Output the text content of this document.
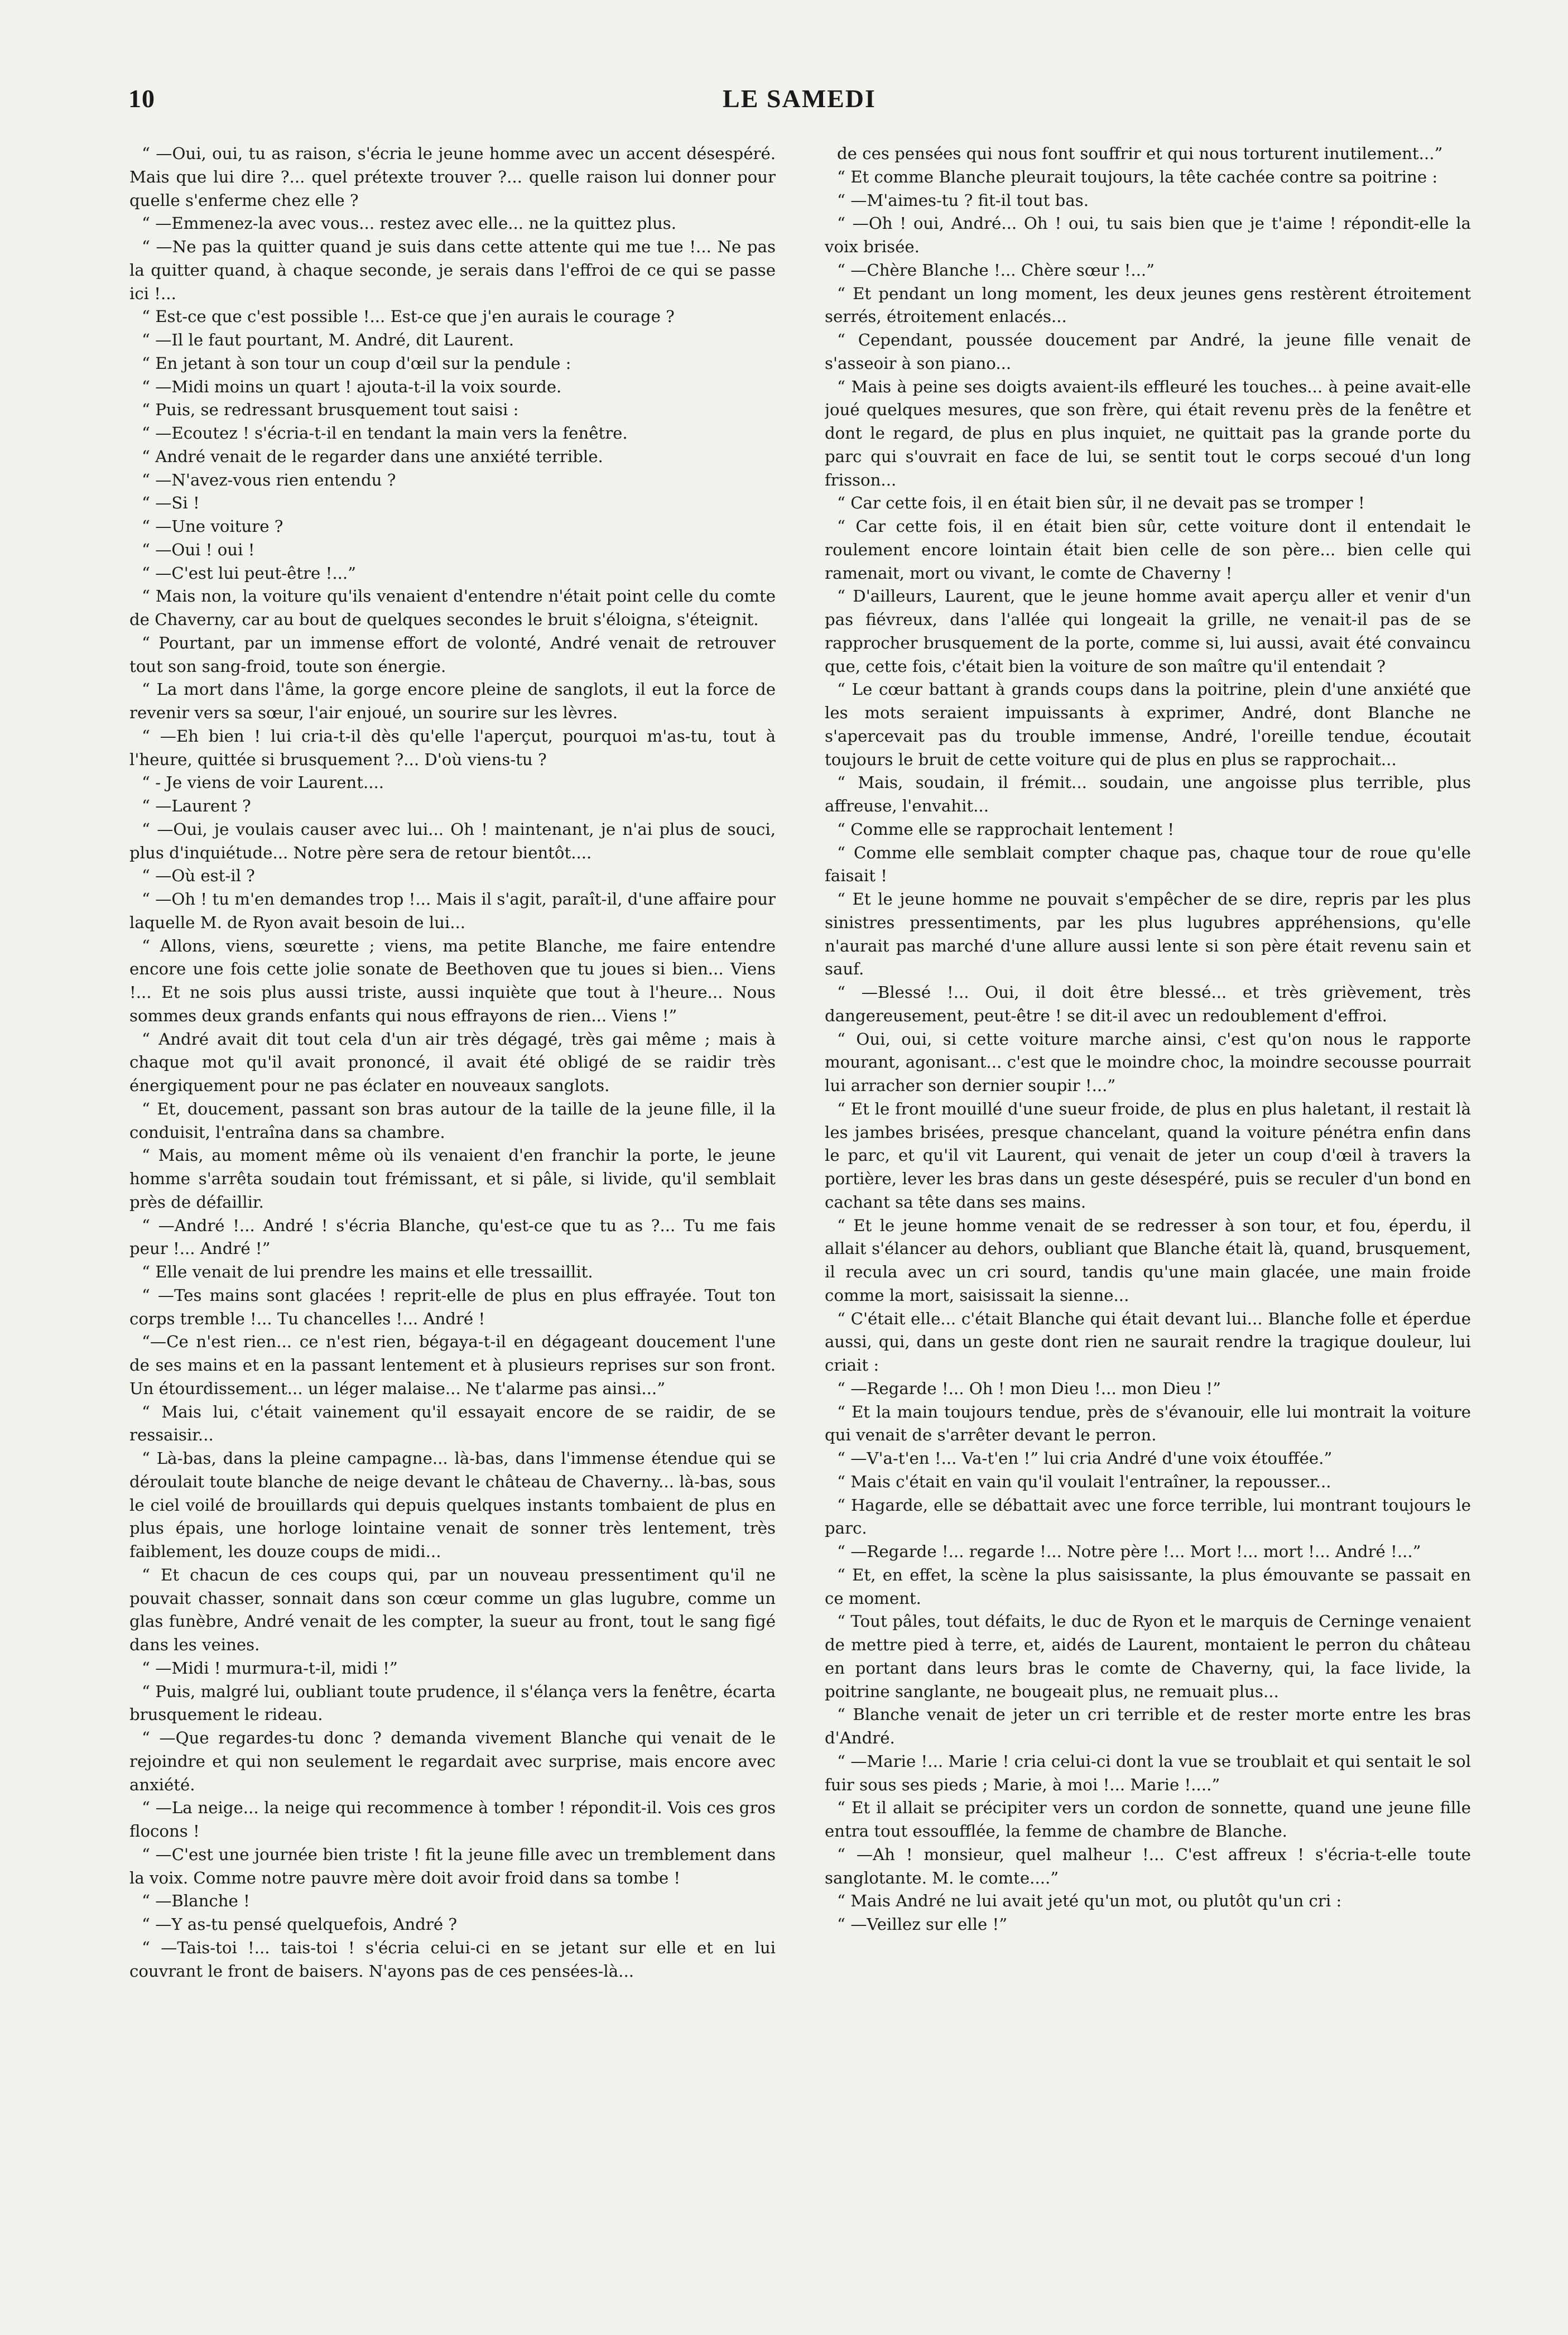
10	LE SAMEDI

“ —Oui, oui, tu as raison, s'écria le jeune homme avec un accent désespéré. Mais que lui dire ?... quel prétexte trouver ?... quelle raison lui donner pour quelle s'enferme chez elle ?

“ —Emmenez-la avec vous... restez avec elle... ne la quittez plus.

“ —Ne pas la quitter quand je suis dans cette attente qui me tue !... Ne pas la quitter quand, à chaque seconde, je serais dans l'effroi de ce qui se passe ici !...

“ Est-ce que c'est possible !... Est-ce que j'en aurais le courage ?

“ —Il le faut pourtant, M. André, dit Laurent.

“ En jetant à son tour un coup d'œil sur la pendule :

“ —Midi moins un quart ! ajouta-t-il la voix sourde.

“ Puis, se redressant brusquement tout saisi :

“ —Ecoutez ! s'écria-t-il en tendant la main vers la fenêtre.

“ André venait de le regarder dans une anxiété terrible.

“ —N'avez-vous rien entendu ?

“ —Si !

“ —Une voiture ?

“ —Oui ! oui !

“ —C'est lui peut-être !...”

“ Mais non, la voiture qu'ils venaient d'entendre n'était point celle du comte de Chaverny, car au bout de quelques secondes le bruit s'éloigna, s'éteignit.

“ Pourtant, par un immense effort de volonté, André venait de retrouver tout son sang-froid, toute son énergie.

“ La mort dans l'âme, la gorge encore pleine de sanglots, il eut la force de revenir vers sa sœur, l'air enjoué, un sourire sur les lèvres.

“ —Eh bien ! lui cria-t-il dès qu'elle l'aperçut, pourquoi m'as-tu, tout à l'heure, quittée si brusquement ?... D'où viens-tu ?

“ - Je viens de voir Laurent....

“ —Laurent ?

“ —Oui, je voulais causer avec lui... Oh ! maintenant, je n'ai plus de souci, plus d'inquiétude... Notre père sera de retour bientôt....

“ —Où est-il ?

“ —Oh ! tu m'en demandes trop !... Mais il s'agit, paraît-il, d'une affaire pour laquelle M. de Ryon avait besoin de lui...

“ Allons, viens, sœurette ; viens, ma petite Blanche, me faire entendre encore une fois cette jolie sonate de Beethoven que tu joues si bien... Viens !... Et ne sois plus aussi triste, aussi inquiète que tout à l'heure... Nous sommes deux grands enfants qui nous effrayons de rien... Viens !”

“ André avait dit tout cela d'un air très dégagé, très gai même ; mais à chaque mot qu'il avait prononcé, il avait été obligé de se raidir très énergiquement pour ne pas éclater en nouveaux sanglots.

“ Et, doucement, passant son bras autour de la taille de la jeune fille, il la conduisit, l'entraîna dans sa chambre.

“ Mais, au moment même où ils venaient d'en franchir la porte, le jeune homme s'arrêta soudain tout frémissant, et si pâle, si livide, qu'il semblait près de défaillir.

“ —André !... André ! s'écria Blanche, qu'est-ce que tu as ?... Tu me fais peur !... André !”

“ Elle venait de lui prendre les mains et elle tressaillit.

“ —Tes mains sont glacées ! reprit-elle de plus en plus effrayée. Tout ton corps tremble !... Tu chancelles !... André !

“—Ce n'est rien... ce n'est rien, bégaya-t-il en dégageant doucement l'une de ses mains et en la passant lentement et à plusieurs reprises sur son front. Un étourdissement... un léger malaise... Ne t'alarme pas ainsi...”

“ Mais lui, c'était vainement qu'il essayait encore de se raidir, de se ressaisir...

“ Là-bas, dans la pleine campagne... là-bas, dans l'immense étendue qui se déroulait toute blanche de neige devant le château de Chaverny... là-bas, sous le ciel voilé de brouillards qui depuis quelques instants tombaient de plus en plus épais, une horloge lointaine venait de sonner très lentement, très faiblement, les douze coups de midi...

“ Et chacun de ces coups qui, par un nouveau pressentiment qu'il ne pouvait chasser, sonnait dans son cœur comme un glas lugubre, comme un glas funèbre, André venait de les compter, la sueur au front, tout le sang figé dans les veines.

“ —Midi ! murmura-t-il, midi !”

“ Puis, malgré lui, oubliant toute prudence, il s'élança vers la fenêtre, écarta brusquement le rideau.

“ —Que regardes-tu donc ? demanda vivement Blanche qui venait de le rejoindre et qui non seulement le regardait avec surprise, mais encore avec anxiété.

“ —La neige... la neige qui recommence à tomber ! répondit-il. Vois ces gros flocons !

“ —C'est une journée bien triste ! fit la jeune fille avec un tremblement dans la voix. Comme notre pauvre mère doit avoir froid dans sa tombe !

“ —Blanche !

“ —Y as-tu pensé quelquefois, André ?

“ —Tais-toi !... tais-toi ! s'écria celui-ci en se jetant sur elle et en lui couvrant le front de baisers. N'ayons pas de ces pensées-là...

de ces pensées qui nous font souffrir et qui nous torturent inutilement...”

“ Et comme Blanche pleurait toujours, la tête cachée contre sa poitrine :

“ —M'aimes-tu ? fit-il tout bas.

“ —Oh ! oui, André... Oh ! oui, tu sais bien que je t'aime ! répondit-elle la voix brisée.

“ —Chère Blanche !... Chère sœur !...”

“ Et pendant un long moment, les deux jeunes gens restèrent étroitement serrés, étroitement enlacés...

“ Cependant, poussée doucement par André, la jeune fille venait de s'asseoir à son piano...

“ Mais à peine ses doigts avaient-ils effleuré les touches... à peine avait-elle joué quelques mesures, que son frère, qui était revenu près de la fenêtre et dont le regard, de plus en plus inquiet, ne quittait pas la grande porte du parc qui s'ouvrait en face de lui, se sentit tout le corps secoué d'un long frisson...

“ Car cette fois, il en était bien sûr, il ne devait pas se tromper !

“ Car cette fois, il en était bien sûr, cette voiture dont il entendait le roulement encore lointain était bien celle de son père... bien celle qui ramenait, mort ou vivant, le comte de Chaverny !

“ D'ailleurs, Laurent, que le jeune homme avait aperçu aller et venir d'un pas fiévreux, dans l'allée qui longeait la grille, ne venait-il pas de se rapprocher brusquement de la porte, comme si, lui aussi, avait été convaincu que, cette fois, c'était bien la voiture de son maître qu'il entendait ?

“ Le cœur battant à grands coups dans la poitrine, plein d'une anxiété que les mots seraient impuissants à exprimer, André, dont Blanche ne s'apercevait pas du trouble immense, André, l'oreille tendue, écoutait toujours le bruit de cette voiture qui de plus en plus se rapprochait...

“ Mais, soudain, il frémit... soudain, une angoisse plus terrible, plus affreuse, l'envahit...

“ Comme elle se rapprochait lentement !

“ Comme elle semblait compter chaque pas, chaque tour de roue qu'elle faisait !

“ Et le jeune homme ne pouvait s'empêcher de se dire, repris par les plus sinistres pressentiments, par les plus lugubres appréhensions, qu'elle n'aurait pas marché d'une allure aussi lente si son père était revenu sain et sauf.

“ —Blessé !... Oui, il doit être blessé... et très grièvement, très dangereusement, peut-être ! se dit-il avec un redoublement d'effroi.

“ Oui, oui, si cette voiture marche ainsi, c'est qu'on nous le rapporte mourant, agonisant... c'est que le moindre choc, la moindre secousse pourrait lui arracher son dernier soupir !...”

“ Et le front mouillé d'une sueur froide, de plus en plus haletant, il restait là les jambes brisées, presque chancelant, quand la voiture pénétra enfin dans le parc, et qu'il vit Laurent, qui venait de jeter un coup d'œil à travers la portière, lever les bras dans un geste désespéré, puis se reculer d'un bond en cachant sa tête dans ses mains.

“ Et le jeune homme venait de se redresser à son tour, et fou, éperdu, il allait s'élancer au dehors, oubliant que Blanche était là, quand, brusquement, il recula avec un cri sourd, tandis qu'une main glacée, une main froide comme la mort, saisissait la sienne...

“ C'était elle... c'était Blanche qui était devant lui... Blanche folle et éperdue aussi, qui, dans un geste dont rien ne saurait rendre la tragique douleur, lui criait :

“ —Regarde !... Oh ! mon Dieu !... mon Dieu !”

“ Et la main toujours tendue, près de s'évanouir, elle lui montrait la voiture qui venait de s'arrêter devant le perron.

“ —V'a-t'en !... Va-t'en !” lui cria André d'une voix étouffée.”

“ Mais c'était en vain qu'il voulait l'entraîner, la repousser...

“ Hagarde, elle se débattait avec une force terrible, lui montrant toujours le parc.

“ —Regarde !... regarde !... Notre père !... Mort !... mort !... André !...”

“ Et, en effet, la scène la plus saisissante, la plus émouvante se passait en ce moment.

“ Tout pâles, tout défaits, le duc de Ryon et le marquis de Cerninge venaient de mettre pied à terre, et, aidés de Laurent, montaient le perron du château en portant dans leurs bras le comte de Chaverny, qui, la face livide, la poitrine sanglante, ne bougeait plus, ne remuait plus...

“ Blanche venait de jeter un cri terrible et de rester morte entre les bras d'André.

“ —Marie !... Marie ! cria celui-ci dont la vue se troublait et qui sentait le sol fuir sous ses pieds ; Marie, à moi !... Marie !....”

“ Et il allait se précipiter vers un cordon de sonnette, quand une jeune fille entra tout essoufflée, la femme de chambre de Blanche.

“ —Ah ! monsieur, quel malheur !... C'est affreux ! s'écria-t-elle toute sanglotante. M. le comte....”

“ Mais André ne lui avait jeté qu'un mot, ou plutôt qu'un cri :

“ —Veillez sur elle !”
